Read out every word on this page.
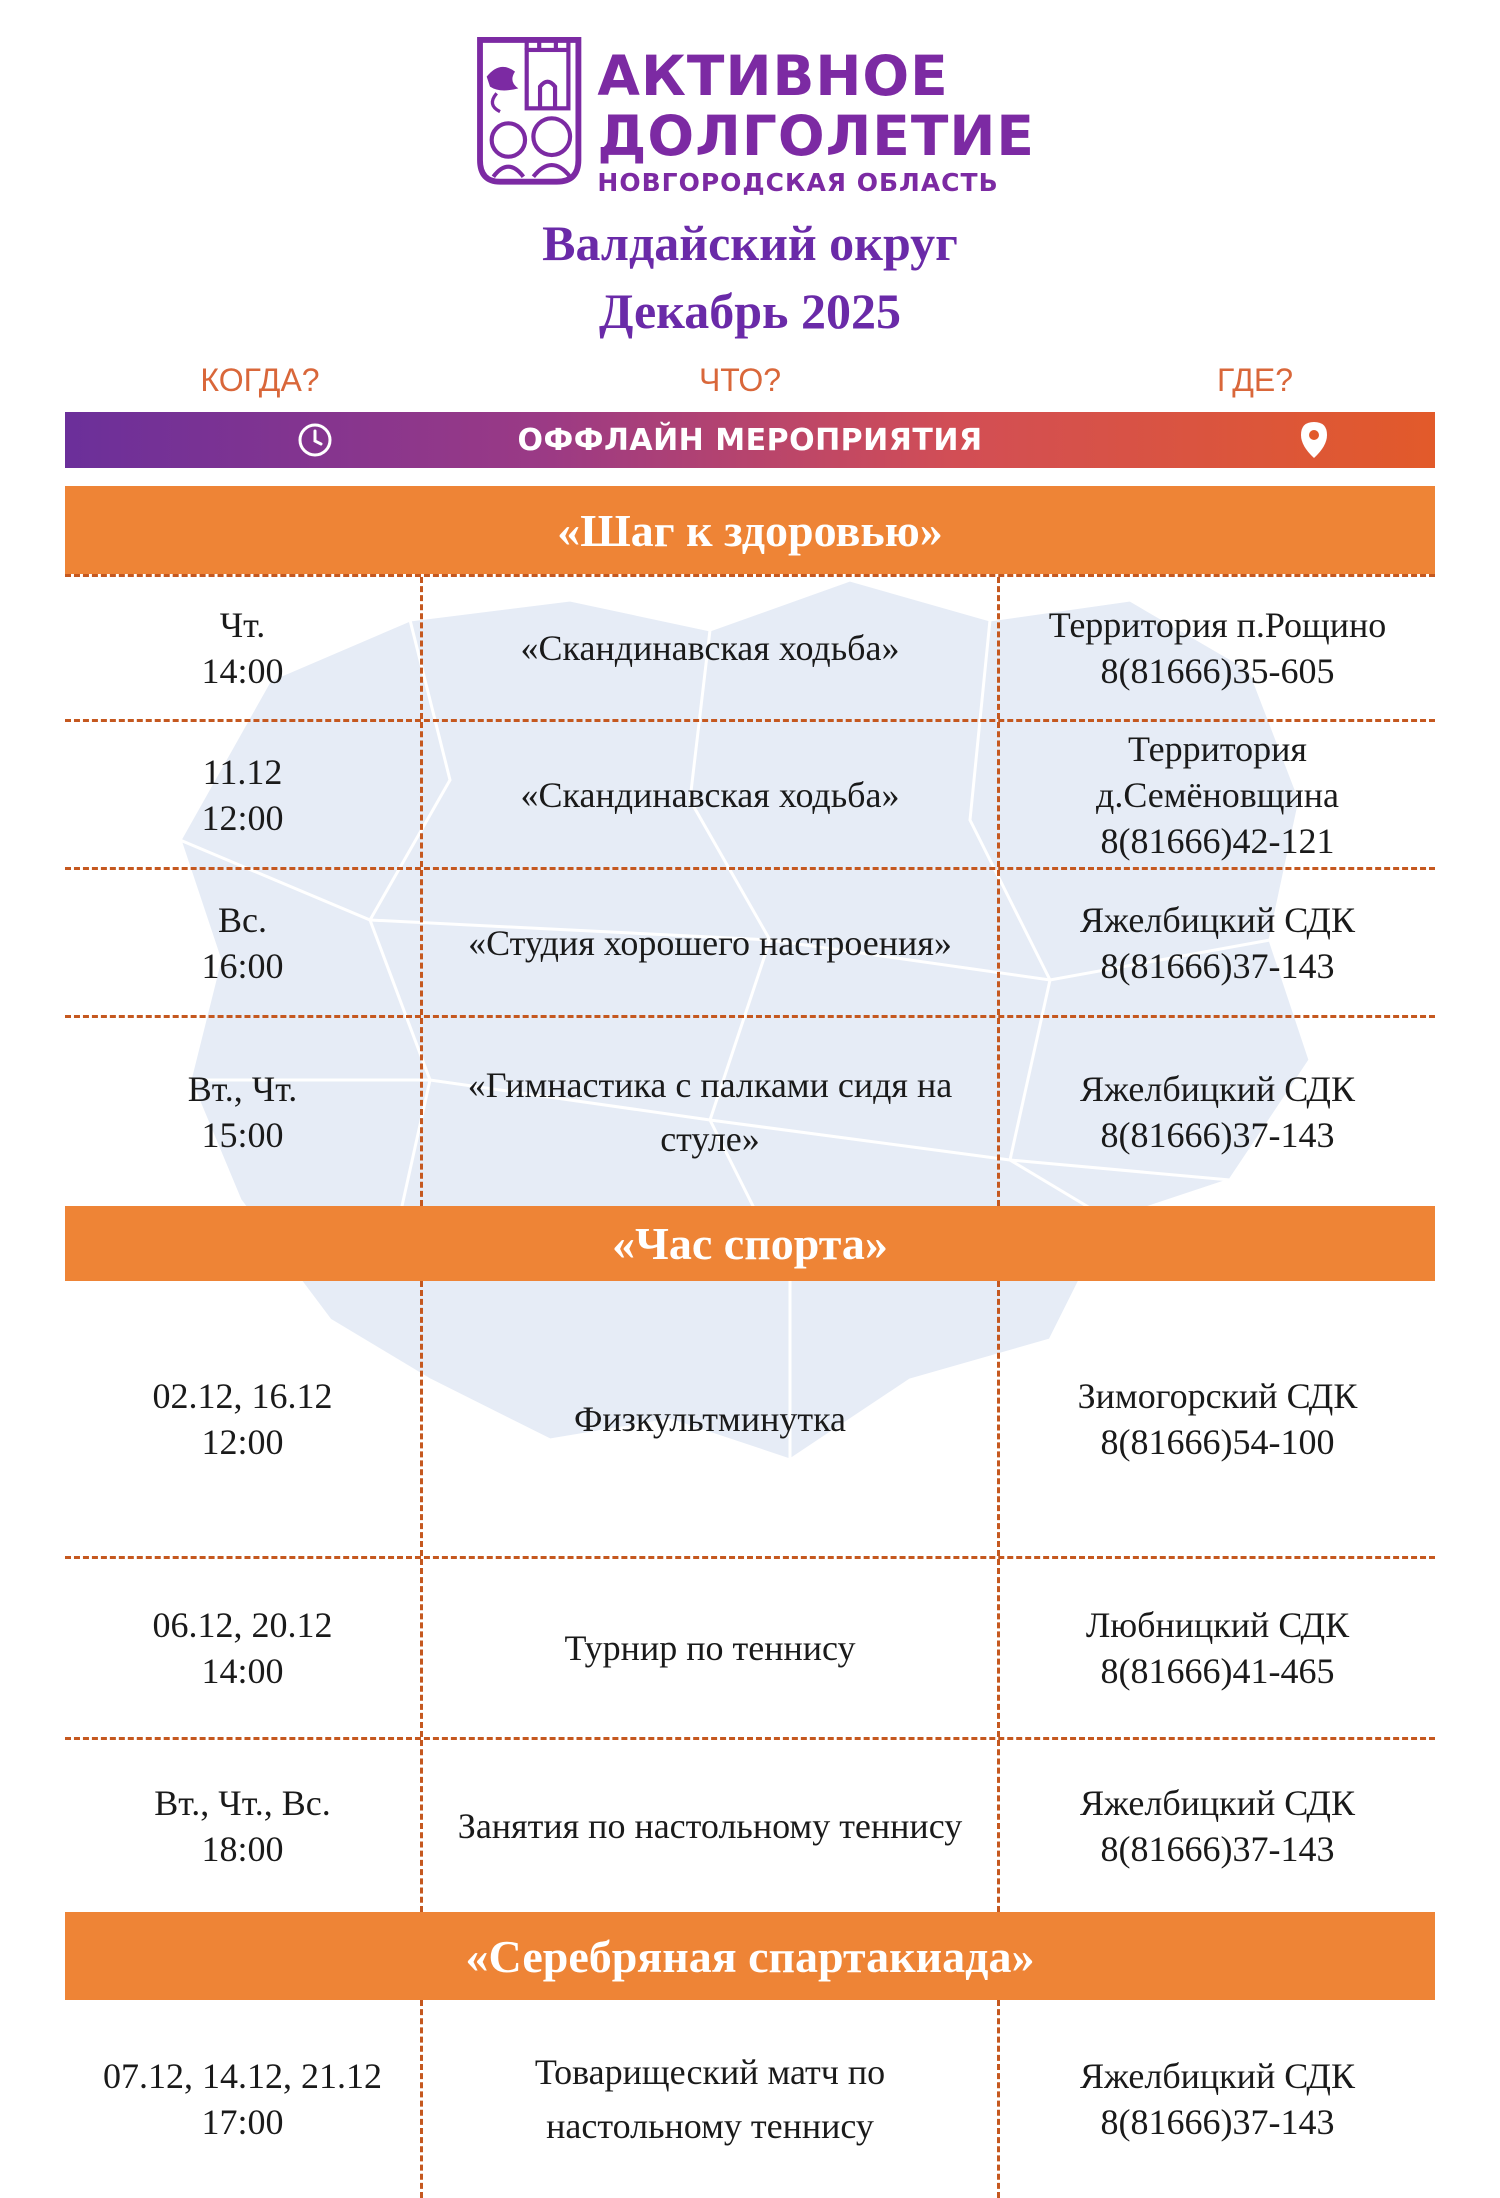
АКТИВНОЕ
ДОЛГОЛЕТИЕ
НОВГОРОДСКАЯ ОБЛАСТЬ
Валдайский округ
Декабрь 2025
КОГДА?	ЧТО?	ГДЕ?
ОФФЛАЙН МЕРОПРИЯТИЯ
«Шаг к здоровью»
Чт.
14:00
«Скандинавская ходьба»
Территория п.Рощино
8(81666)35-605
11.12
12:00
«Скандинавская ходьба»
Территория
д.Семёновщина
8(81666)42-121
Вс.
16:00
«Студия хорошего настроения»
Яжелбицкий СДК
8(81666)37-143
Вт., Чт.
15:00
«Гимнастика с палками сидя на
стуле»
Яжелбицкий СДК
8(81666)37-143
«Час спорта»
02.12, 16.12
12:00
Физкультминутка
Зимогорский СДК
8(81666)54-100
06.12, 20.12
14:00
Турнир по теннису
Любницкий СДК
8(81666)41-465
Вт., Чт., Вс.
18:00
Занятия по настольному теннису
Яжелбицкий СДК
8(81666)37-143
«Серебряная спартакиада»
07.12, 14.12, 21.12
17:00
Товарищеский матч по
настольному теннису
Яжелбицкий СДК
8(81666)37-143
